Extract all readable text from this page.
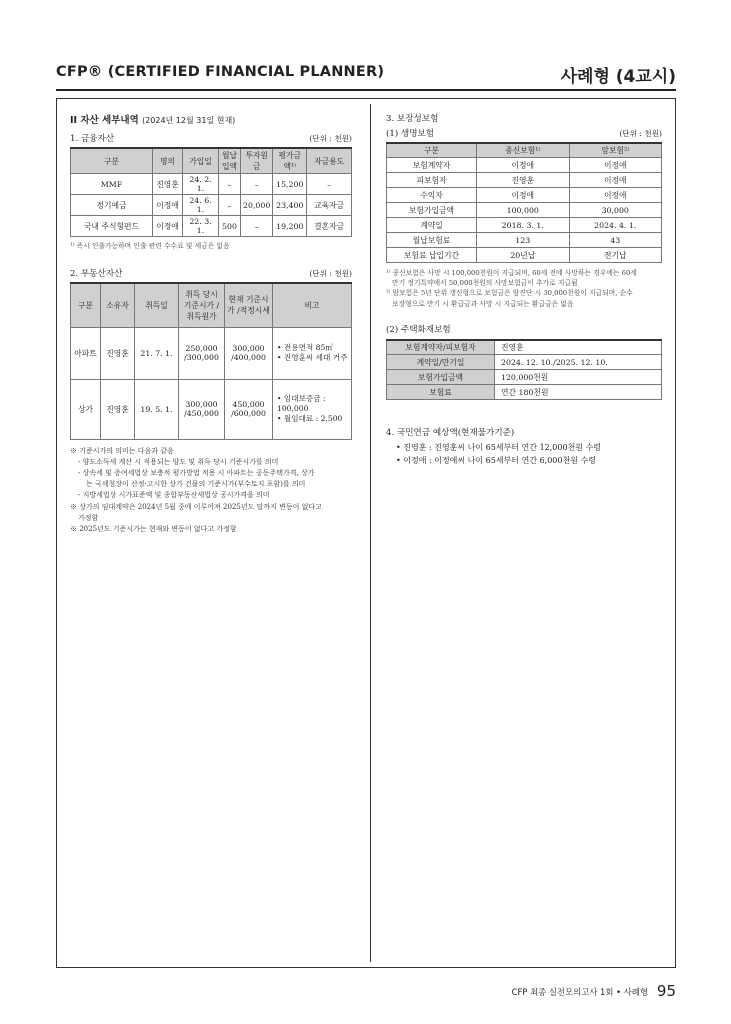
CFP® (CERTIFIED FINANCIAL PLANNER)	사례형 (4교시)
II 자산 세부내역 (2024년 12월 31일 현재)
1. 금융자산	(단위 : 천원)
구분	명의	가입일	월납입액	투자원금	평가금액¹⁾	자금용도
MMF	진영훈	24. 2. 1.	–	–	15,200	–
정기예금	이정애	24. 6. 1.	–	20,000	23,400	교육자금
국내 주식형펀드	이정애	22. 3. 1.	500	–	19,200	결혼자금
¹⁾ 즉시 인출가능하며 인출 관련 수수료 및 세금은 없음
2. 부동산자산	(단위 : 천원)
구분	소유자	취득일	취득 당시 기준시가 /취득원가	현재 기준시가 /적정시세	비고
아파트	진영훈	21. 7. 1.	250,000 /300,000	300,000 /400,000	• 전용면적 85㎡
• 진영훈씨 세대 거주

상가	진영훈	19. 5. 1.	300,000 /450,000	450,000 /600,000	• 임대보증금 : 100,000
• 월임대료 : 2,500
※ 기준시가의 의미는 다음과 같음
- 양도소득세 계산 시 적용되는 양도 및 취득 당시 기준시가를 의미
- 상속세 및 증여세법상 보충적 평가방법 적용 시 아파트는 공동주택가격, 상가
는 국세청장이 산정·고시한 상가 건물의 기준시가(부수토지 포함)를 의미
- 지방세법상 시가표준액 및 종합부동산세법상 공시가격을 의미
※ 상가의 임대계약은 2024년 5월 중에 이루어져 2025년도 말까지 변동이 없다고
가정함
※ 2025년도 기준시가는 현재와 변동이 없다고 가정함
3. 보장성보험
(1) 생명보험	(단위 : 천원)
구분	종신보험¹⁾	암보험²⁾
보험계약자	이정애	이정애
피보험자	진영훈	이정애
수익자	이정애	이정애
보험가입금액	100,000	30,000
계약일	2018. 3. 1.	2024. 4. 1.
월납보험료	123	43
보험료 납입기간	20년납	전기납
¹⁾ 종신보험은 사망 시 100,000천원이 지급되며, 60세 전에 사망하는 경우에는 60세
만기 정기특약에서 50,000천원의 사망보험금이 추가로 지급됨
²⁾ 암보험은 5년 단위 갱신형으로 보험금은 암진단 시 30,000천원이 지급되며, 순수
보장형으로 만기 시 환급금과 사망 시 지급되는 환급금은 없음
(2) 주택화재보험
보험계약자/피보험자	진영훈
계약일/만기일	2024. 12. 10./2025. 12. 10.
보험가입금액	120,000천원
보험료	연간 180천원
4. 국민연금 예상액(현재물가기준)
• 진영훈 : 진영훈씨 나이 65세부터 연간 12,000천원 수령
• 이정애 : 이정애씨 나이 65세부터 연간 6,000천원 수령
CFP 최종 실전모의고사 1회 • 사례형 95
